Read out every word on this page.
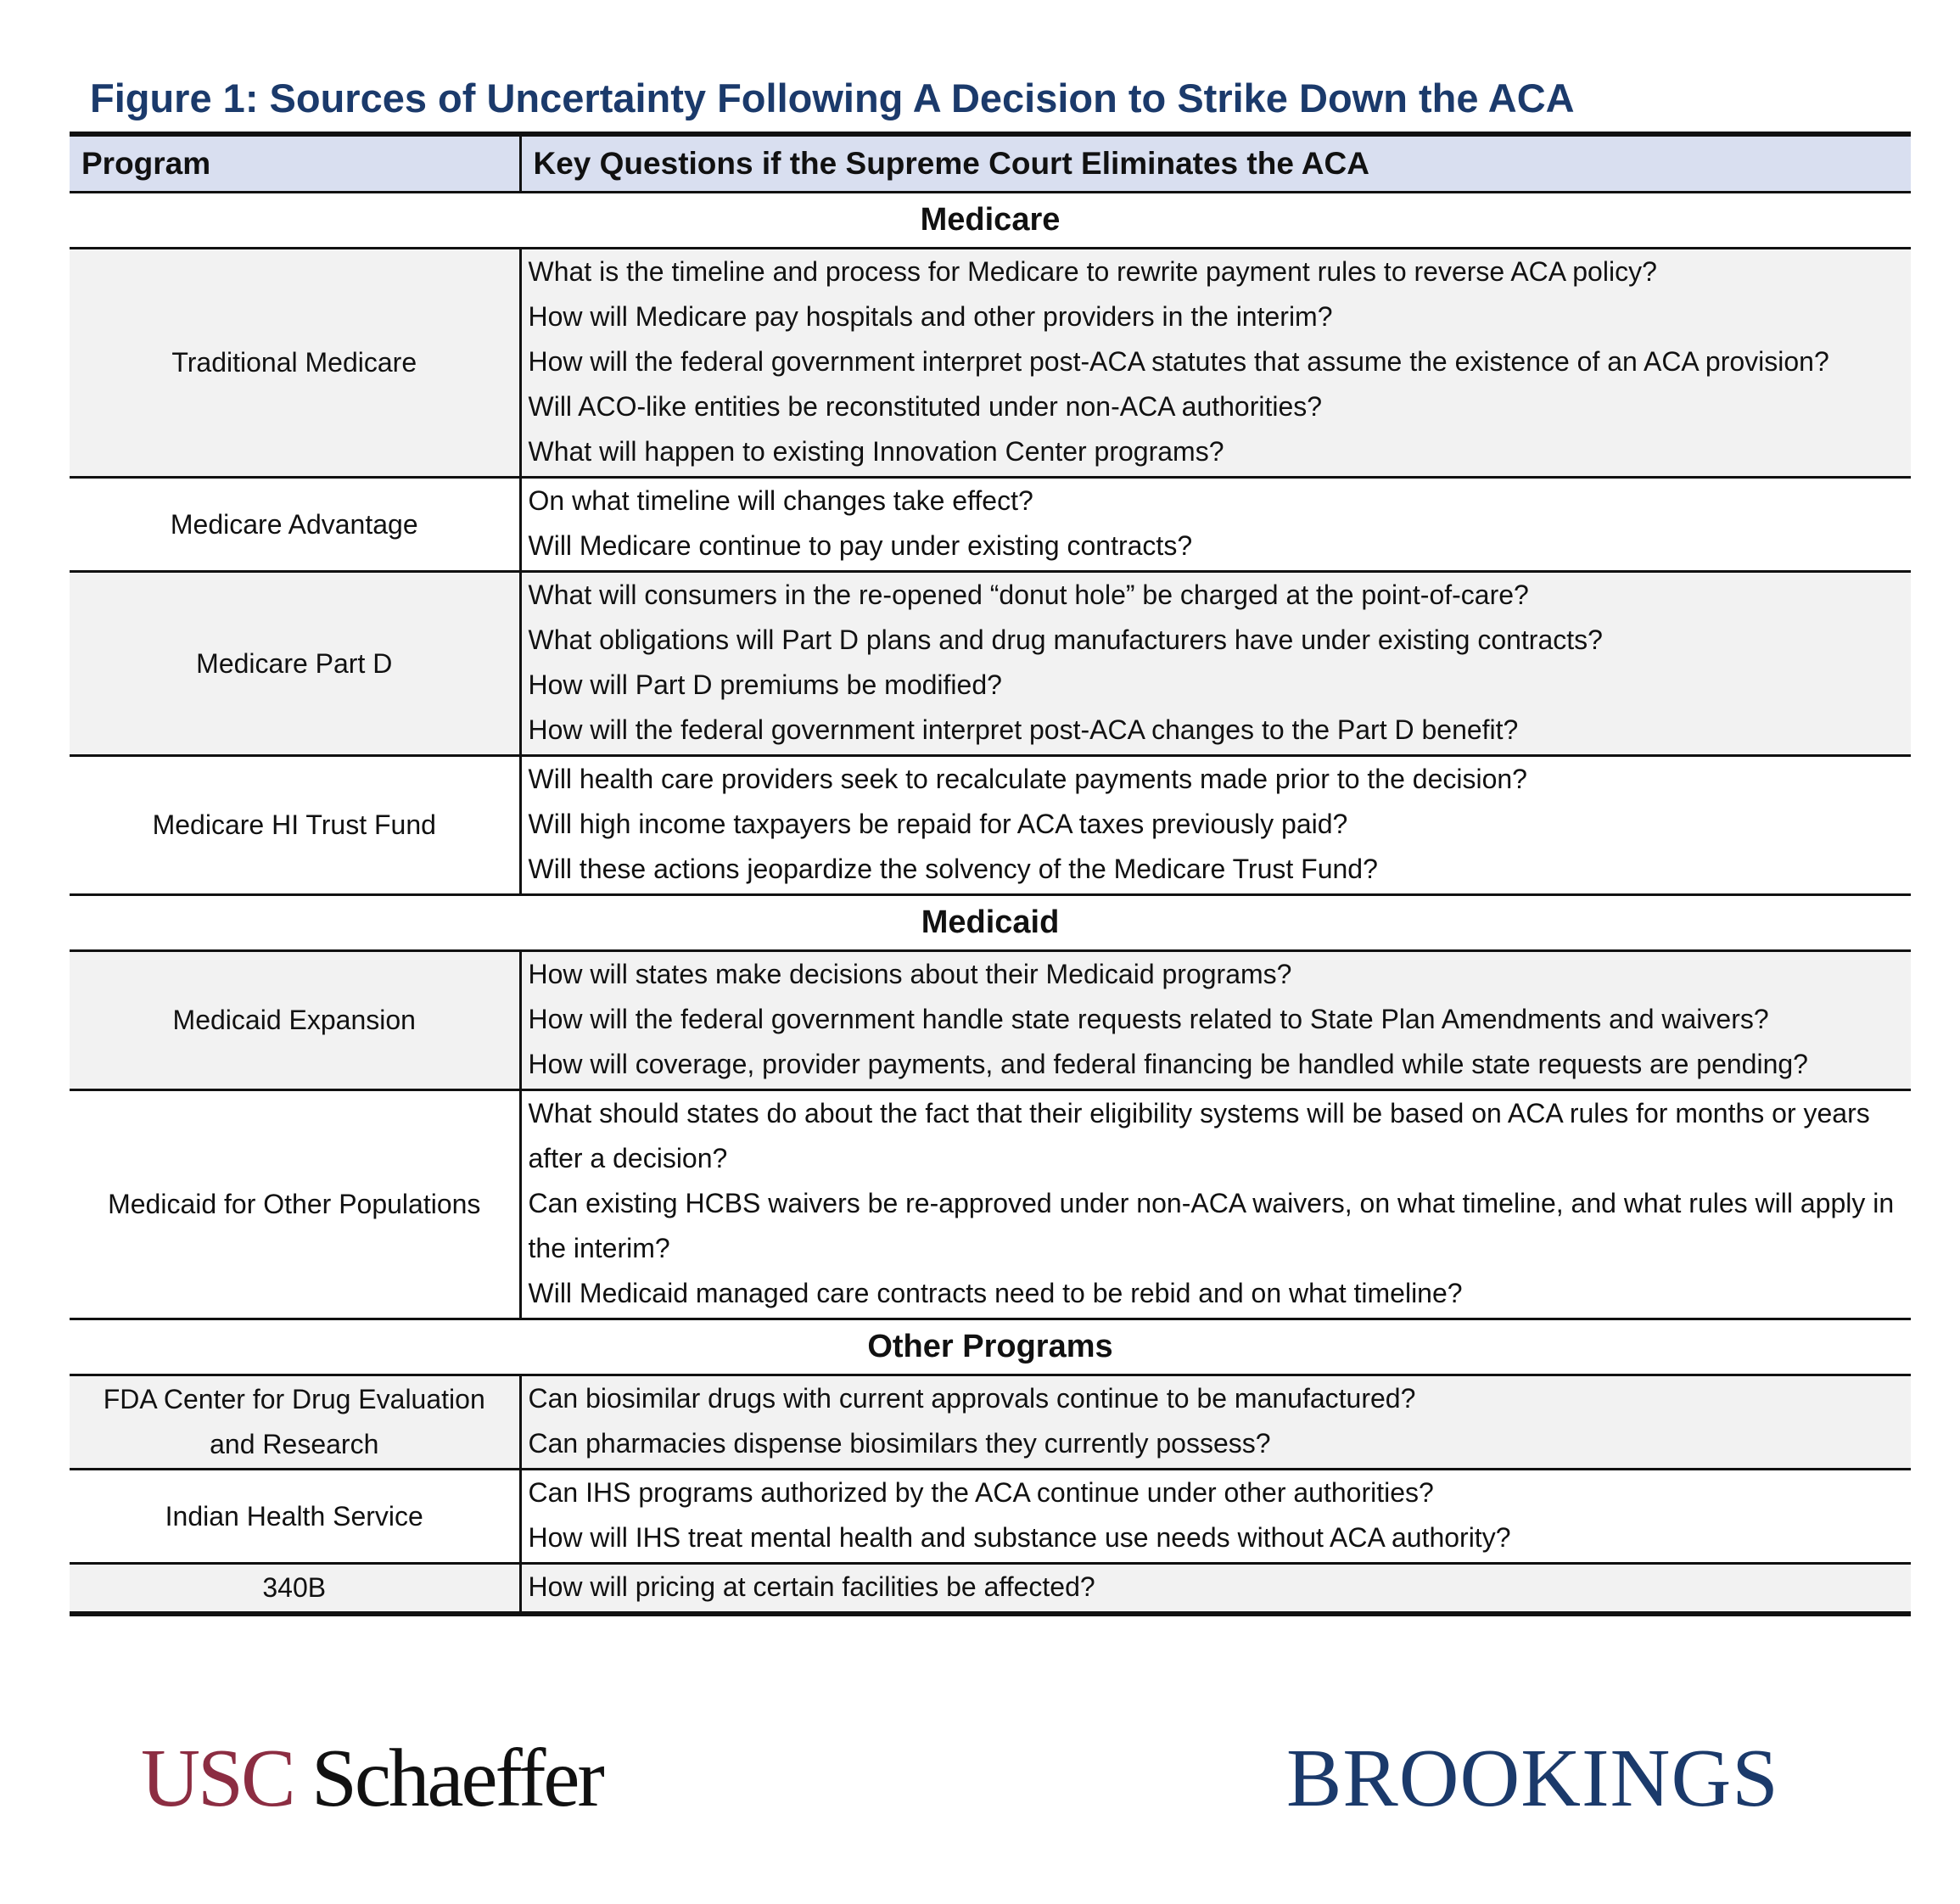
Figure 1: Sources of Uncertainty Following A Decision to Strike Down the ACA
Program	Key Questions if the Supreme Court Eliminates the ACA
Medicare	
Traditional Medicare	What is the timeline and process for Medicare to rewrite payment rules to reverse ACA policy?
How will Medicare pay hospitals and other providers in the interim?
How will the federal government interpret post-ACA statutes that assume the existence of an ACA provision?
Will ACO-like entities be reconstituted under non-ACA authorities?
What will happen to existing Innovation Center programs?

Medicare Advantage	On what timeline will changes take effect?
Will Medicare continue to pay under existing contracts?

Medicare Part D	What will consumers in the re-opened “donut hole” be charged at the point-of-care?
What obligations will Part D plans and drug manufacturers have under existing contracts?
How will Part D premiums be modified?
How will the federal government interpret post-ACA changes to the Part D benefit?

Medicare HI Trust Fund	Will health care providers seek to recalculate payments made prior to the decision?
Will high income taxpayers be repaid for ACA taxes previously paid?
Will these actions jeopardize the solvency of the Medicare Trust Fund?

Medicaid	
Medicaid Expansion	How will states make decisions about their Medicaid programs?
How will the federal government handle state requests related to State Plan Amendments and waivers?
How will coverage, provider payments, and federal financing be handled while state requests are pending?

Medicaid for Other Populations	What should states do about the fact that their eligibility systems will be based on ACA rules for months or years after a decision?
Can existing HCBS waivers be re-approved under non-ACA waivers, on what timeline, and what rules will apply in the interim?
Will Medicaid managed care contracts need to be rebid and on what timeline?

Other Programs	
FDA Center for Drug Evaluation and Research	Can biosimilar drugs with current approvals continue to be manufactured?
Can pharmacies dispense biosimilars they currently possess?

Indian Health Service	Can IHS programs authorized by the ACA continue under other authorities?
How will IHS treat mental health and substance use needs without ACA authority?

340B	How will pricing at certain facilities be affected?
USC Schaeffer	BROOKINGS
